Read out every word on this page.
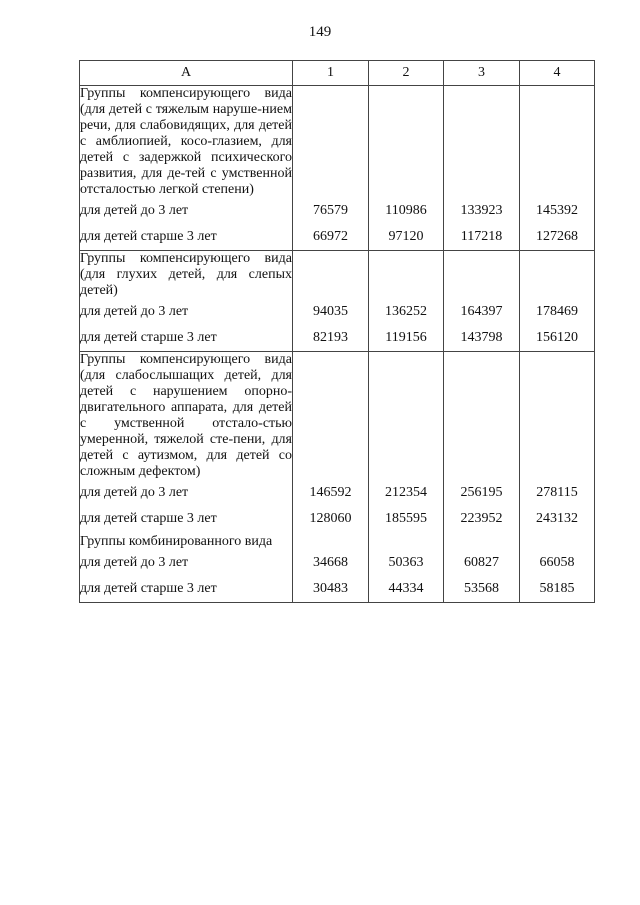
149
А	1	2	3	4
Группы компенсирующего вида (для детей с тяжелым наруше-нием речи, для слабовидящих, для детей с амблиопией, косо-глазием, для детей с задержкой психического развития, для де-тей с умственной отсталостью легкой степени)				
для детей до 3 лет	76579	110986	133923	145392
для детей старше 3 лет	66972	97120	117218	127268
Группы компенсирующего вида (для глухих детей, для слепых детей)				
для детей до 3 лет	94035	136252	164397	178469
для детей старше 3 лет	82193	119156	143798	156120
Группы компенсирующего вида (для слабослышащих детей, для детей с нарушением опорно-двигательного аппарата, для детей с умственной отстало-стью умеренной, тяжелой сте-пени, для детей с аутизмом, для детей со сложным дефектом)				
для детей до 3 лет	146592	212354	256195	278115
для детей старше 3 лет	128060	185595	223952	243132
Группы комбинированного вида				
для детей до 3 лет	34668	50363	60827	66058
для детей старше 3 лет	30483	44334	53568	58185
